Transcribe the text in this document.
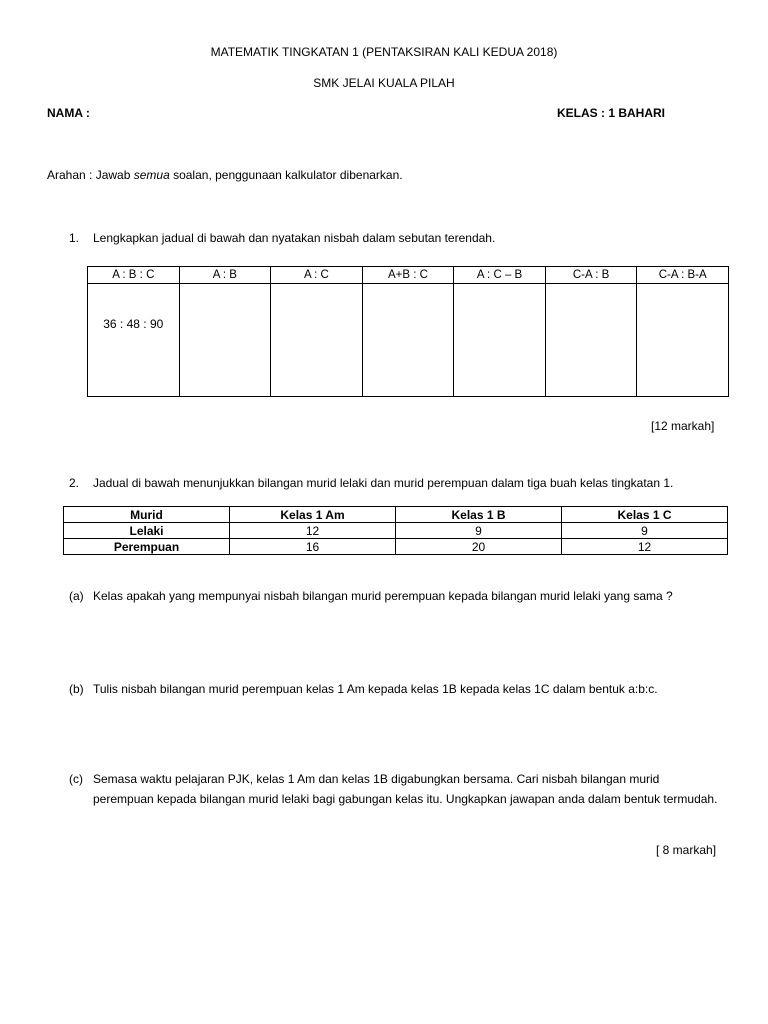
MATEMATIK TINGKATAN 1 (PENTAKSIRAN KALI KEDUA 2018)
SMK JELAI KUALA PILAH
NAMA :	KELAS : 1 BAHARI
Arahan : Jawab semua soalan, penggunaan kalkulator dibenarkan.
1.	Lengkapkan jadual di bawah dan nyatakan nisbah dalam sebutan terendah.
A : B : C	A : B	A : C	A+B : C	A : C – B	C-A : B	C-A : B-A

36 : 48 : 90						

[12 markah]
2.	Jadual di bawah menunjukkan bilangan murid lelaki dan murid perempuan dalam tiga buah kelas tingkatan 1.
Murid	Kelas 1 Am	Kelas 1 B	Kelas 1 C
Lelaki	12	9	9
Perempuan	16	20	12
(a) Kelas apakah yang mempunyai nisbah bilangan murid perempuan kepada bilangan murid lelaki yang sama ?
(b) Tulis nisbah bilangan murid perempuan kelas 1 Am kepada kelas 1B kepada kelas 1C dalam bentuk a:b:c.
(c) Semasa waktu pelajaran PJK, kelas 1 Am dan kelas 1B digabungkan bersama. Cari nisbah bilangan murid perempuan kepada bilangan murid lelaki bagi gabungan kelas itu. Ungkapkan jawapan anda dalam bentuk termudah.
[ 8 markah]
